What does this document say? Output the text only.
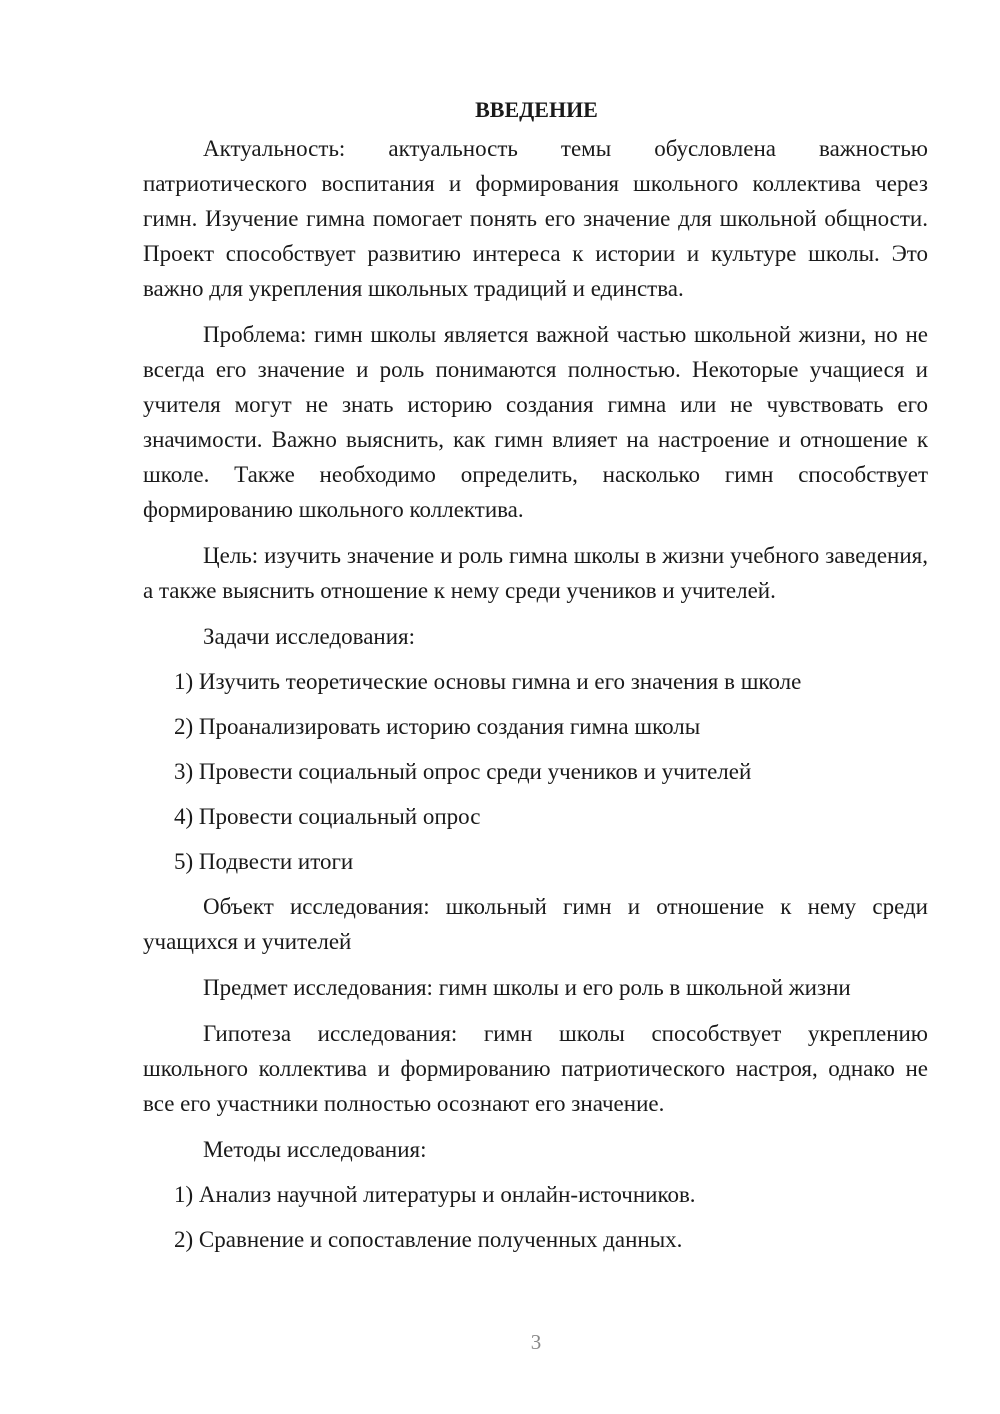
ВВЕДЕНИЕ

Актуальность: актуальность темы обусловлена важностью патриотического воспитания и формирования школьного коллектива через гимн. Изучение гимна помогает понять его значение для школьной общности. Проект способствует развитию интереса к истории и культуре школы. Это важно для укрепления школьных традиций и единства.

Проблема: гимн школы является важной частью школьной жизни, но не всегда его значение и роль понимаются полностью. Некоторые учащиеся и учителя могут не знать историю создания гимна или не чувствовать его значимости. Важно выяснить, как гимн влияет на настроение и отношение к школе. Также необходимо определить, насколько гимн способствует формированию школьного коллектива.

Цель: изучить значение и роль гимна школы в жизни учебного заведения, а также выяснить отношение к нему среди учеников и учителей.

Задачи исследования:

1) Изучить теоретические основы гимна и его значения в школе
2) Проанализировать историю создания гимна школы
3) Провести социальный опрос среди учеников и учителей
4) Провести социальный опрос
5) Подвести итоги

Объект исследования: школьный гимн и отношение к нему среди учащихся и учителей

Предмет исследования: гимн школы и его роль в школьной жизни

Гипотеза исследования: гимн школы способствует укреплению школьного коллектива и формированию патриотического настроя, однако не все его участники полностью осознают его значение.

Методы исследования:

1) Анализ научной литературы и онлайн-источников.
2) Сравнение и сопоставление полученных данных.
3
